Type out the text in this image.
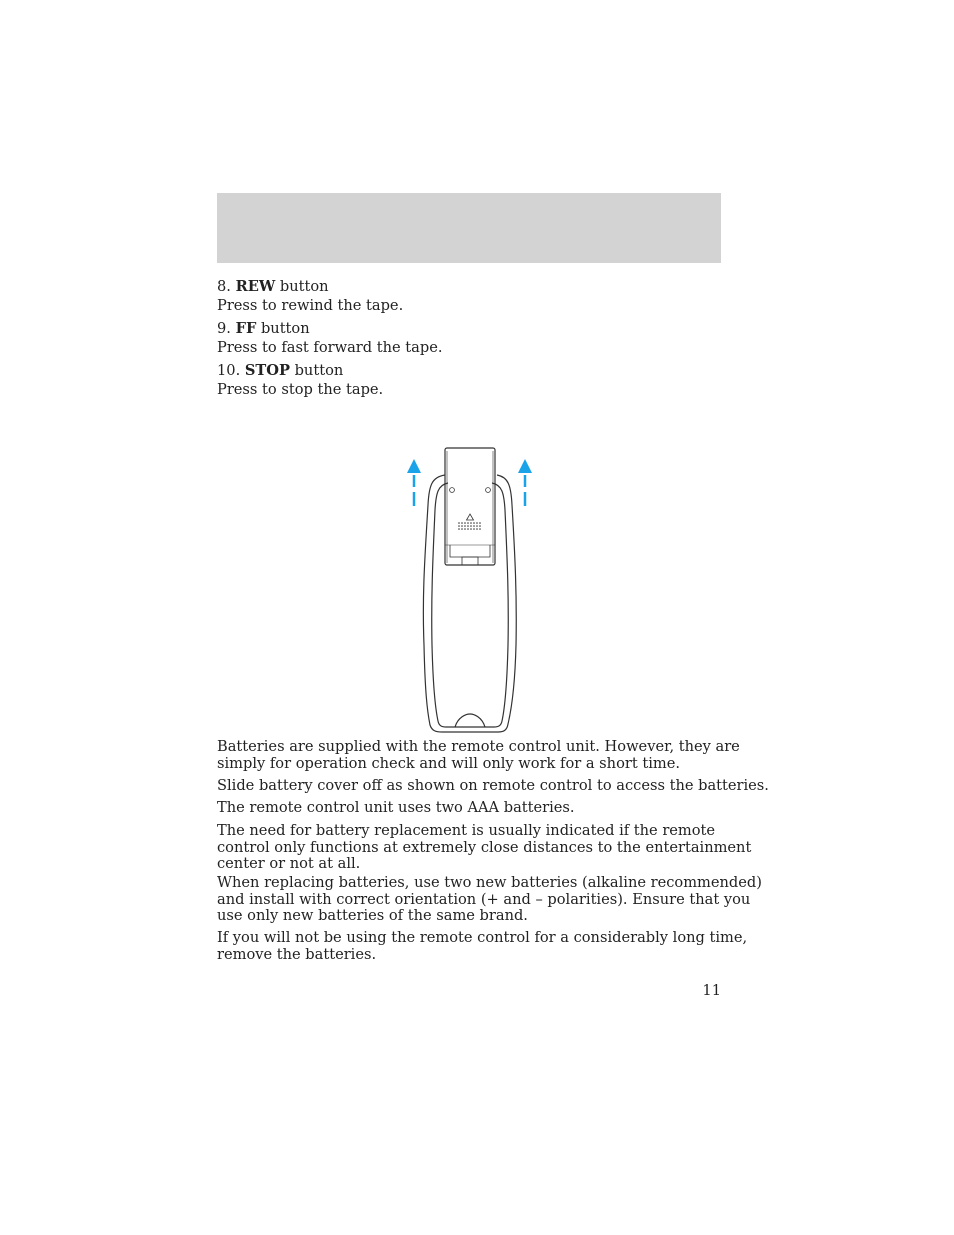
8. REW button
Press to rewind the tape.
9. FF button
Press to fast forward the tape.
10. STOP button
Press to stop the tape.
Batteries are supplied with the remote control unit. However, they are
simply for operation check and will only work for a short time.
Slide battery cover off as shown on remote control to access the batteries.
The remote control unit uses two AAA batteries.
The need for battery replacement is usually indicated if the remote
control only functions at extremely close distances to the entertainment
center or not at all.
When replacing batteries, use two new batteries (alkaline recommended)
and install with correct orientation (+ and – polarities). Ensure that you
use only new batteries of the same brand.
If you will not be using the remote control for a considerably long time,
remove the batteries.
11
